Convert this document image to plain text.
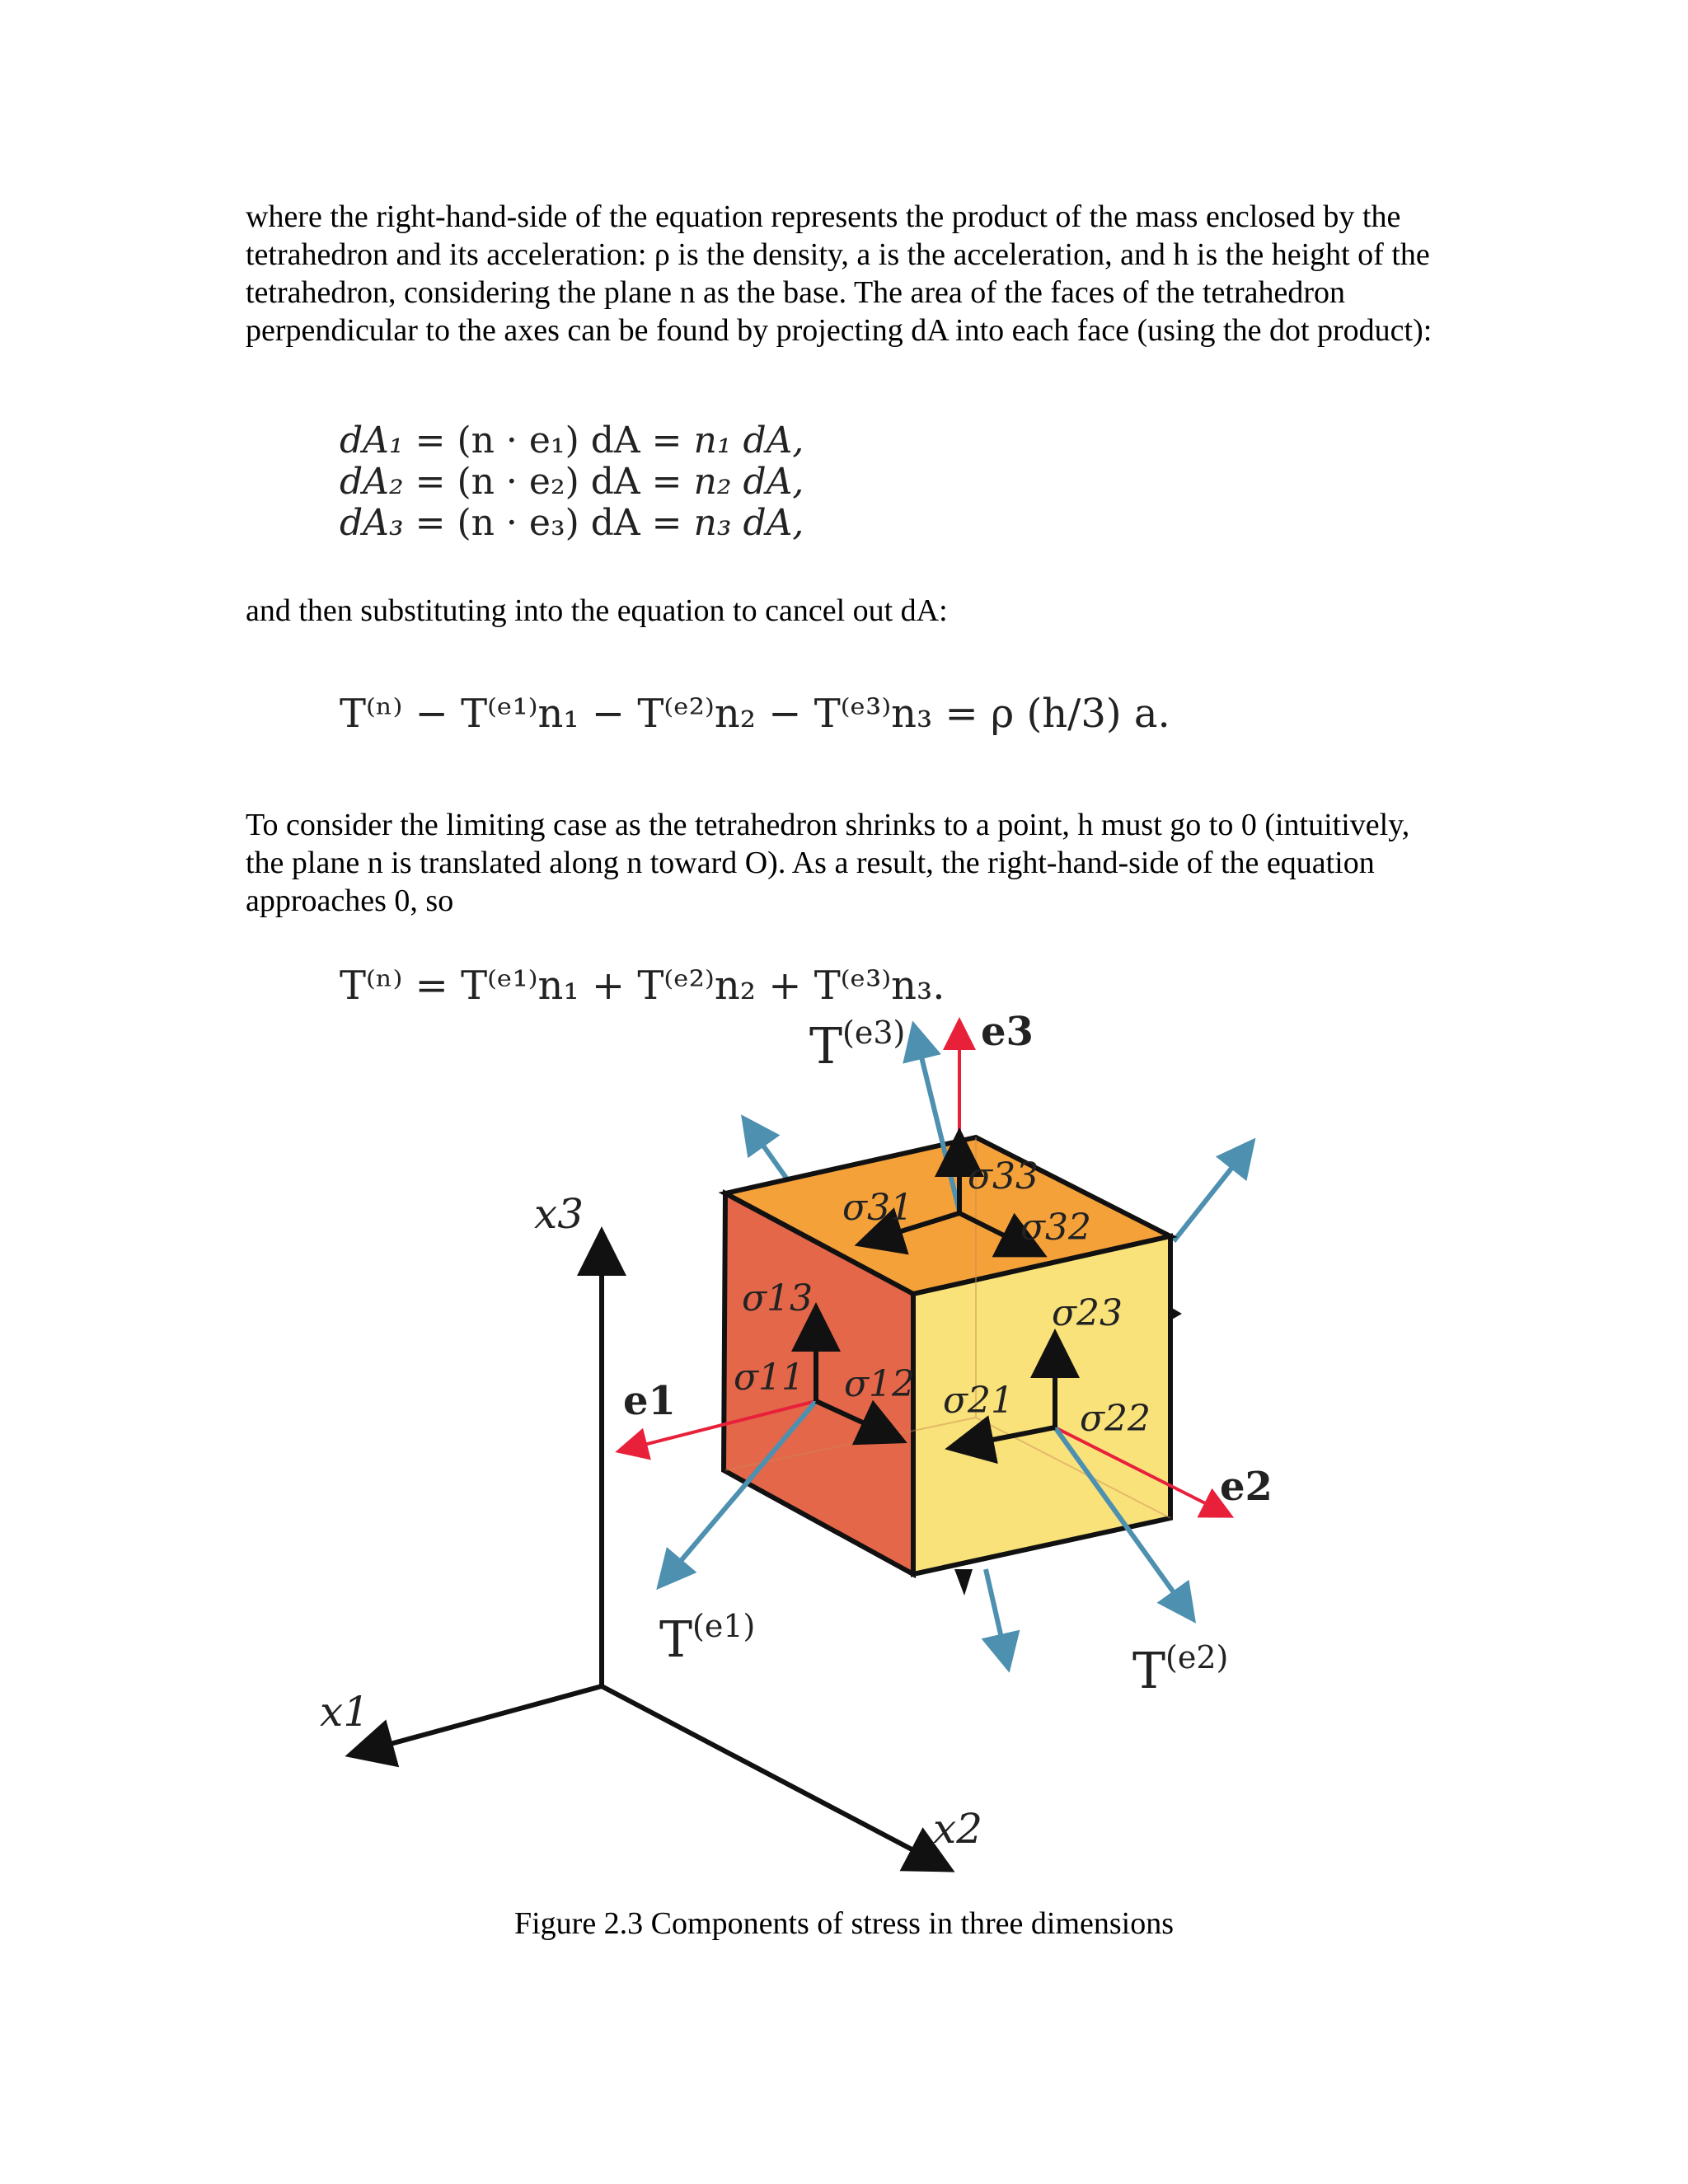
where the right-hand-side of the equation represents the product of the mass enclosed by the tetrahedron and its acceleration: ρ is the density, a is the acceleration, and h is the height of the tetrahedron, considering the plane n as the base. The area of the faces of the tetrahedron perpendicular to the axes can be found by projecting dA into each face (using the dot product):

dA₁ = (n · e₁) dA = n₁ dA,
dA₂ = (n · e₂) dA = n₂ dA,
dA₃ = (n · e₃) dA = n₃ dA,

and then substituting into the equation to cancel out dA:

T⁽ⁿ⁾ − T⁽ᵉ¹⁾n₁ − T⁽ᵉ²⁾n₂ − T⁽ᵉ³⁾n₃ = ρ (h/3) a.

To consider the limiting case as the tetrahedron shrinks to a point, h must go to 0 (intuitively, the plane n is translated along n toward O). As a result, the right-hand-side of the equation approaches 0, so

T⁽ⁿ⁾ = T⁽ᵉ¹⁾n₁ + T⁽ᵉ²⁾n₂ + T⁽ᵉ³⁾n₃.
$T^{(e3)}$ e3
x3
e1
e2
$T^{(e1)}$
$T^{(e2)}$
x1
x2
σ31
σ33
σ32
σ13
σ11 σ12 σ21
σ23
σ22
Figure 2.3 Components of stress in three dimensions
